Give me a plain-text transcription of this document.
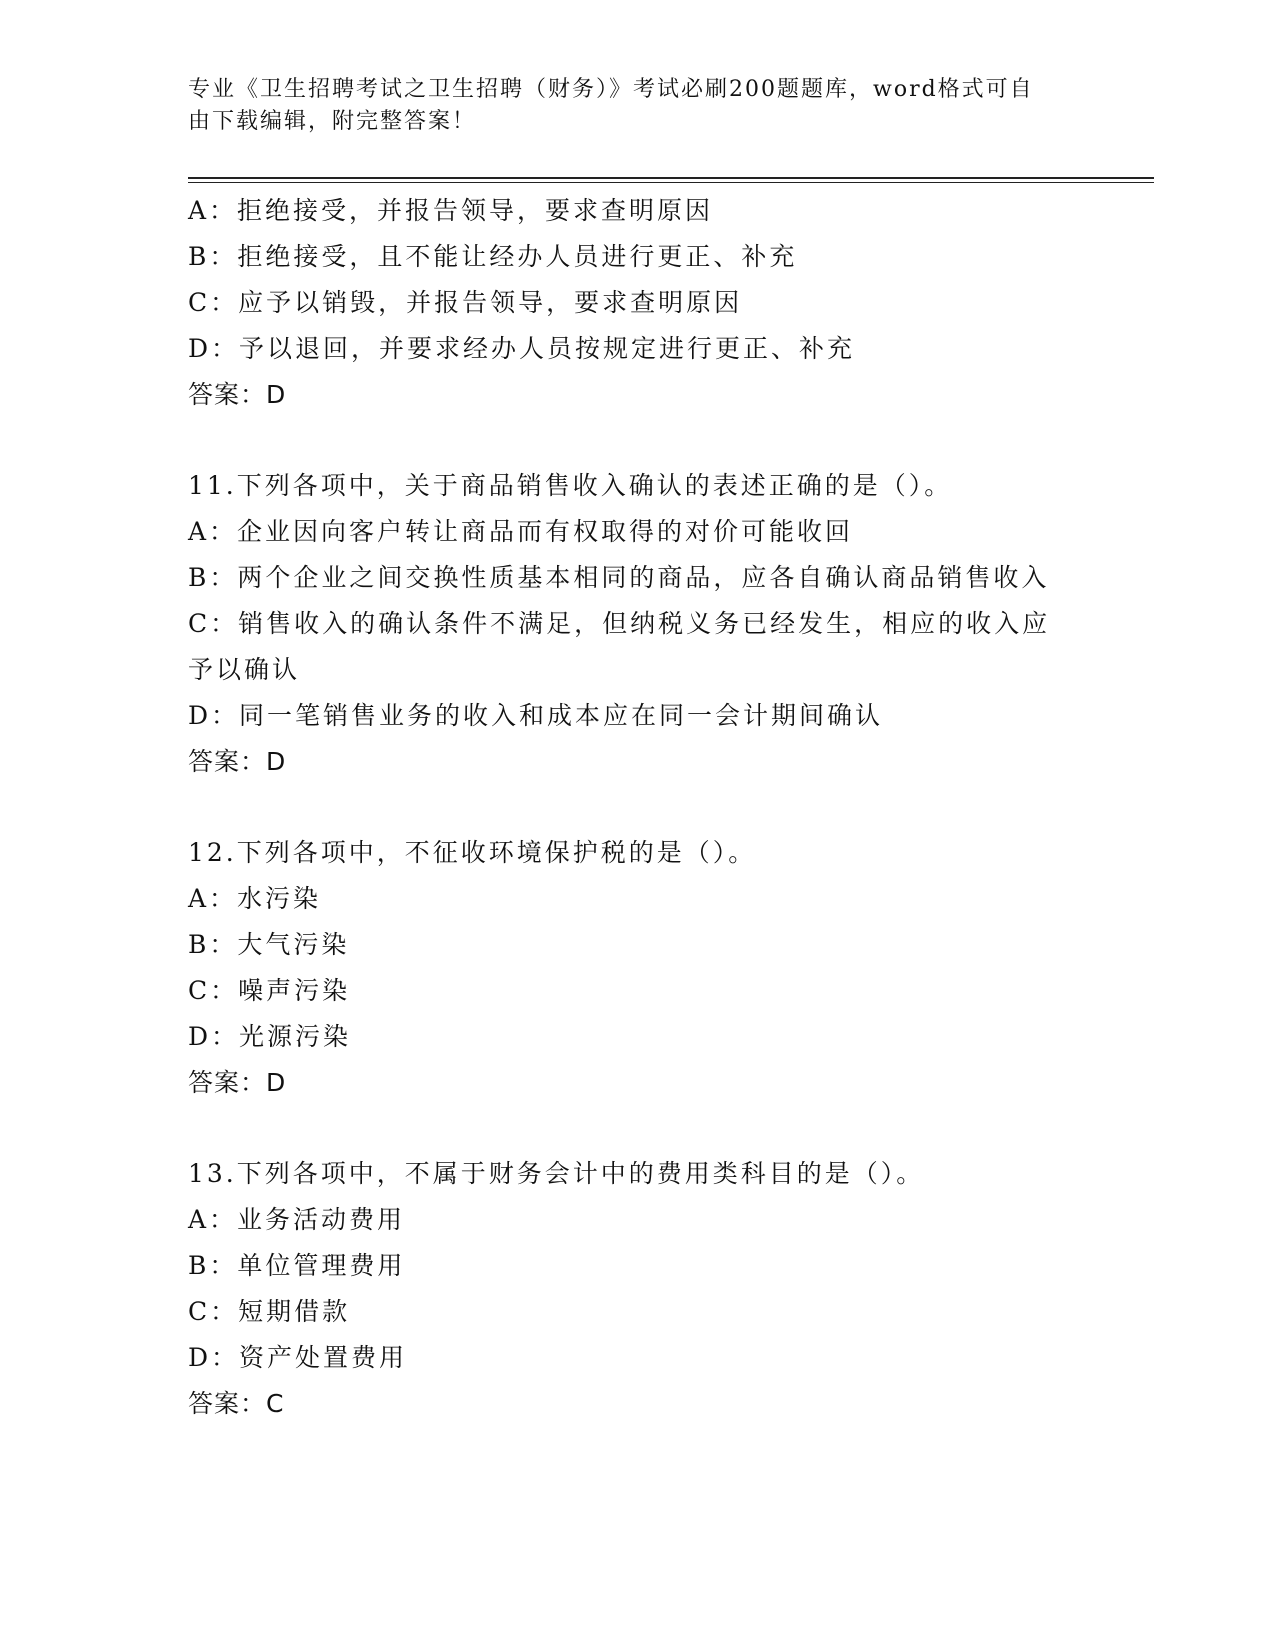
专业《卫生招聘考试之卫生招聘（财务）》考试必刷200题题库，word格式可自
由下载编辑，附完整答案！
A：拒绝接受，并报告领导，要求查明原因
B：拒绝接受，且不能让经办人员进行更正、补充
C：应予以销毁，并报告领导，要求查明原因
D：予以退回，并要求经办人员按规定进行更正、补充
答案：D
11.下列各项中，关于商品销售收入确认的表述正确的是（）。
A：企业因向客户转让商品而有权取得的对价可能收回
B：两个企业之间交换性质基本相同的商品，应各自确认商品销售收入
C：销售收入的确认条件不满足，但纳税义务已经发生，相应的收入应
予以确认
D：同一笔销售业务的收入和成本应在同一会计期间确认
答案：D
12.下列各项中，不征收环境保护税的是（）。
A：水污染
B：大气污染
C：噪声污染
D：光源污染
答案：D
13.下列各项中，不属于财务会计中的费用类科目的是（）。
A：业务活动费用
B：单位管理费用
C：短期借款
D：资产处置费用
答案：C
